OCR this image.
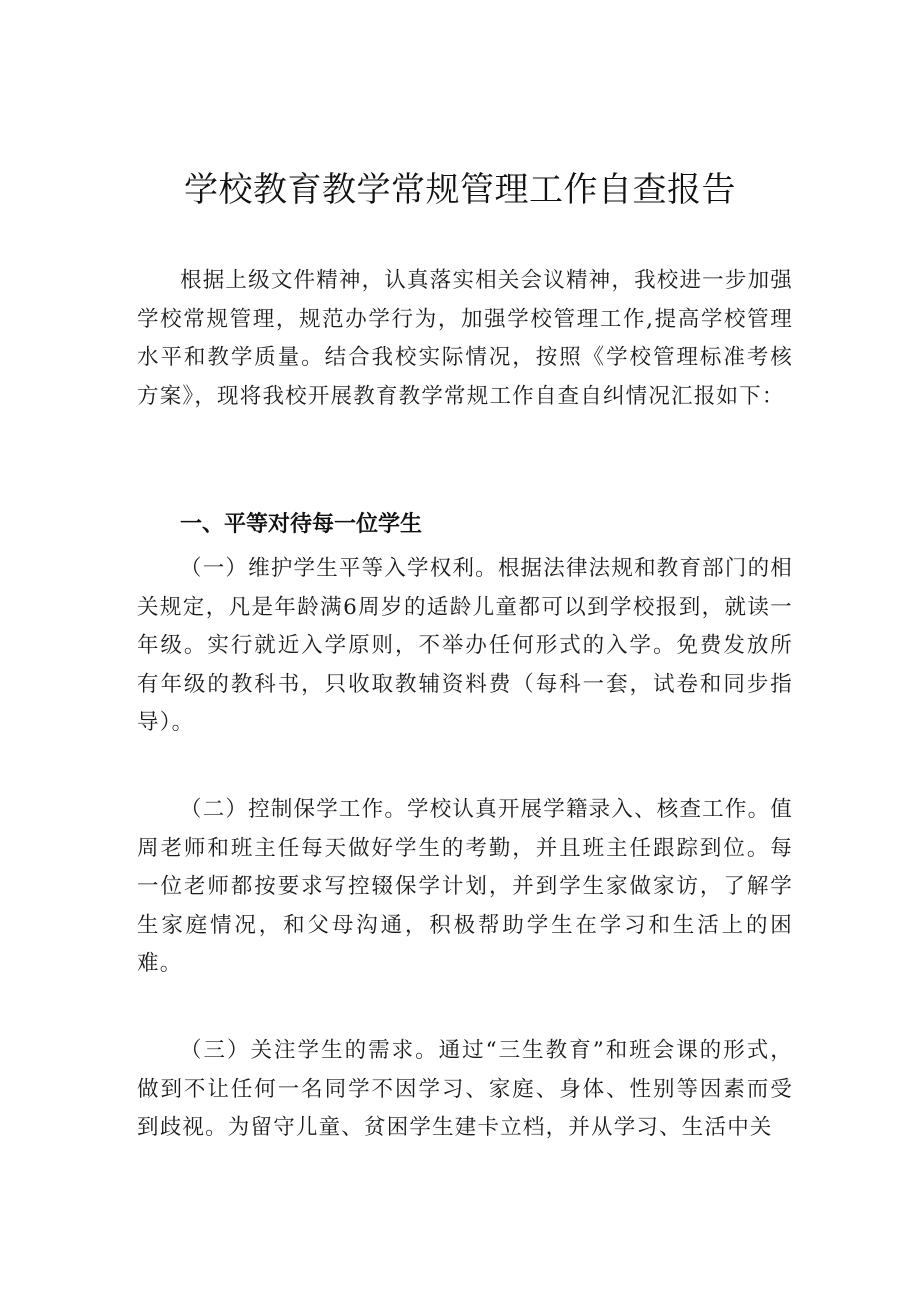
学校教育教学常规管理工作自查报告

根据上级文件精神，认真落实相关会议精神，我校进一步加强学校常规管理，规范办学行为，加强学校管理工作,提高学校管理水平和教学质量。结合我校实际情况，按照《学校管理标准考核方案》，现将我校开展教育教学常规工作自查自纠情况汇报如下：

一、平等对待每一位学生

（一）维护学生平等入学权利。根据法律法规和教育部门的相关规定，凡是年龄满6周岁的适龄儿童都可以到学校报到，就读一年级。实行就近入学原则，不举办任何形式的入学。免费发放所有年级的教科书，只收取教辅资料费（每科一套，试卷和同步指导）。

（二）控制保学工作。学校认真开展学籍录入、核查工作。值周老师和班主任每天做好学生的考勤，并且班主任跟踪到位。每一位老师都按要求写控辍保学计划，并到学生家做家访，了解学生家庭情况，和父母沟通，积极帮助学生在学习和生活上的困难。

（三）关注学生的需求。通过“三生教育”和班会课的形式，做到不让任何一名同学不因学习、家庭、身体、性别等因素而受到歧视。为留守儿童、贫困学生建卡立档，并从学习、生活中关
